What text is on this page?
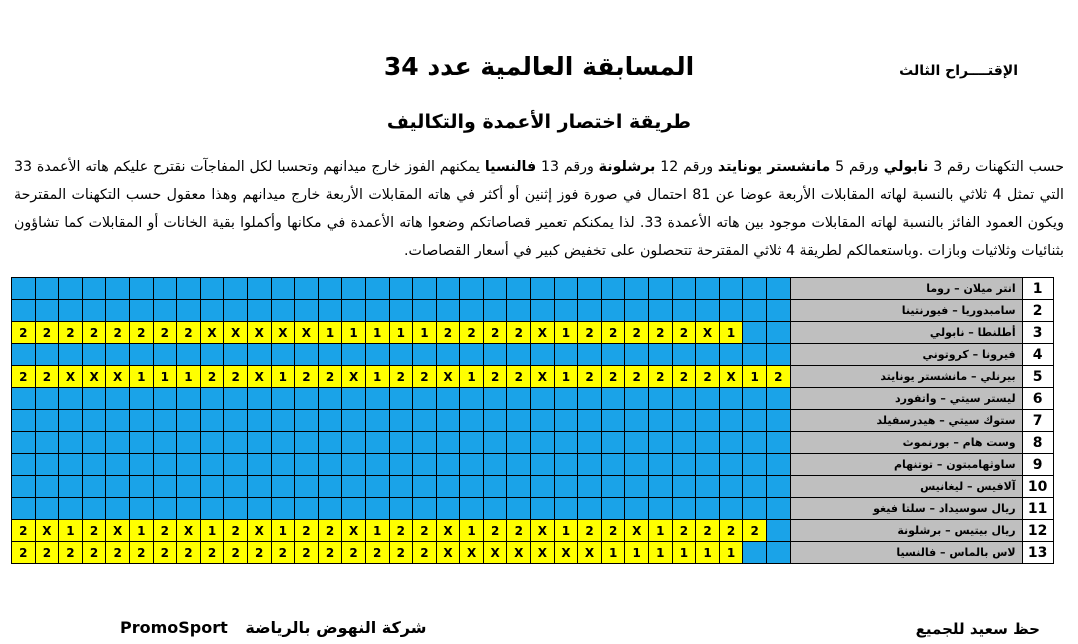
الإقتــــراح الثالث
المسابقة العالمية عدد 34
طريقة اختصار الأعمدة والتكاليف
حسب التكهنات رقم 3 نابولي ورقم 5 مانشستر يونايتد ورقم 12 برشلونة ورقم 13 فالنسيا يمكنهم الفوز خارج ميدانهم وتحسبا لكل المفاجآت نقترح عليكم هاته الأعمدة 33 التي تمثل 4 ثلاثي بالنسبة لهاته المقابلات الأربعة عوضا عن 81 احتمال في صورة فوز إثنين أو أكثر في هاته المقابلات الأربعة خارج ميدانهم وهذا معقول حسب التكهنات المقترحة ويكون العمود الفائز بالنسبة لهاته المقابلات موجود بين هاته الأعمدة 33. لذا يمكنكم تعمير قصاصاتكم وضعوا هاته الأعمدة في مكانها وأكملوا بقية الخانات أو المقابلات كما تشاؤون بثنائيات وثلاثيات وبازات .وباستعمالكم لطريقة 4 ثلاثي المقترحة تتحصلون على تخفيض كبير في أسعار القصاصات.
																																	انتر ميلان – روما	1
																																	سامبدوريا – فيورنتينا	2
2	2	2	2	2	2	2	2	X	X	X	X	X	1	1	1	1	1	2	2	2	2	X	1	2	2	2	2	2	X	1			أطلنطا – نابولي	3
																																	فيرونا – كروتوني	4
2	2	X	X	X	1	1	1	2	2	X	1	2	2	X	1	2	2	X	1	2	2	X	1	2	2	2	2	2	2	X	1	2	بيرنلي – مانشستر يونايتد	5
																																	ليستر سيتي – واتفورد	6
																																	ستوك سيتي – هيدرسفيلد	7
																																	وست هام – بورنموث	8
																																	ساوثهامبتون – توتنهام	9
																																	آلافيس – ليغانيس	10
																																	ريال سوسيداد – سلتا فيغو	11
2	X	1	2	X	1	2	X	1	2	X	1	2	2	X	1	2	2	X	1	2	2	X	1	2	2	X	1	2	2	2	2		ريال بيتيس – برشلونة	12
2	2	2	2	2	2	2	2	2	2	2	2	2	2	2	2	2	2	X	X	X	X	X	X	X	1	1	1	1	1	1			لاس بالماس – فالنسيا	13
حظ سعيد للجميع
PromoSport شركة النهوض بالرياضة
